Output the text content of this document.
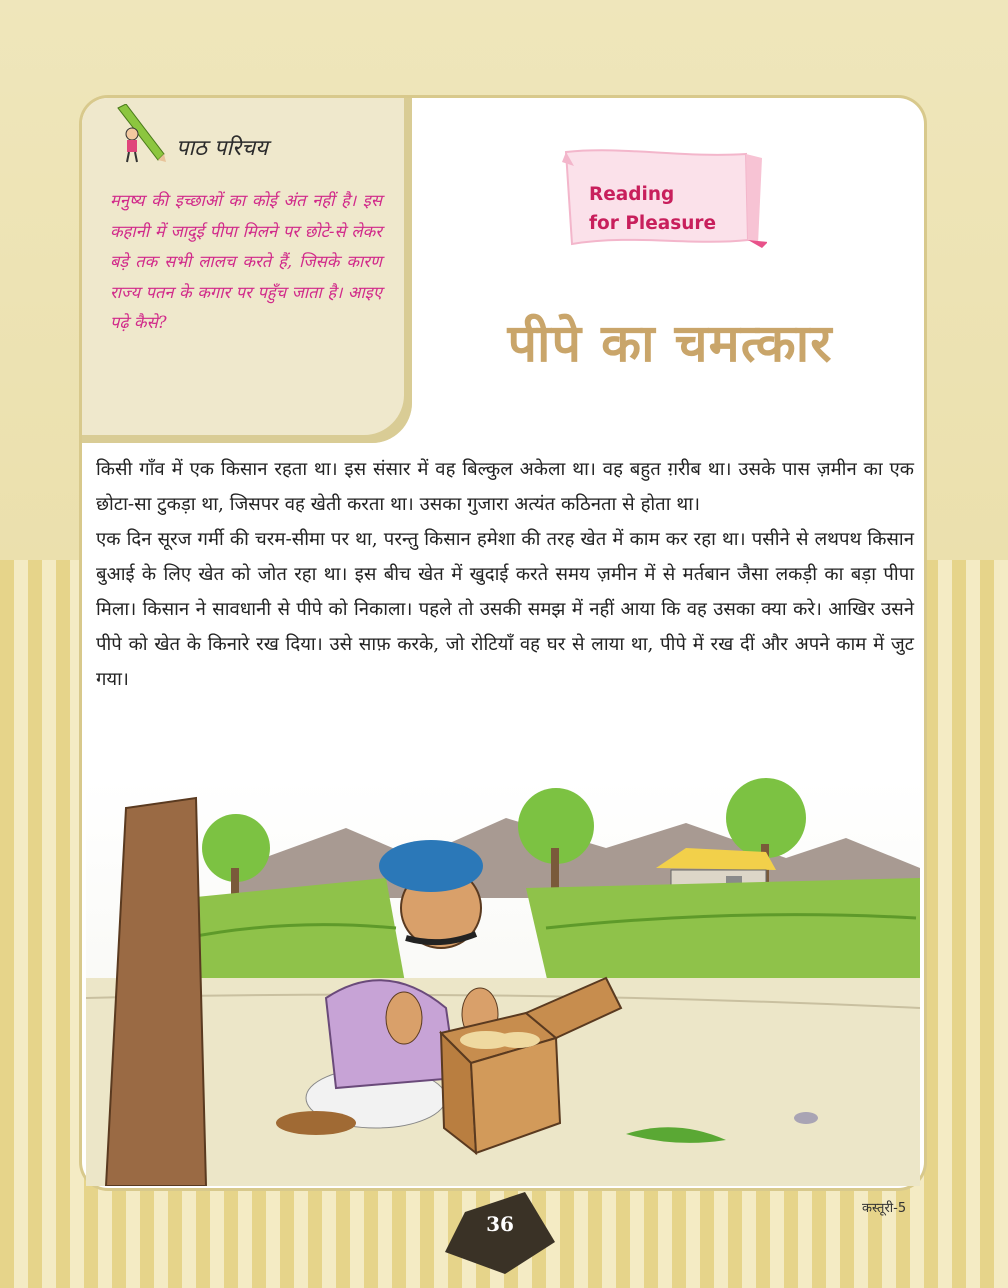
पाठ परिचय
मनुष्य की इच्छाओं का कोई अंत नहीं है। इस कहानी में जादुई पीपा मिलने पर छोटे-से लेकर बड़े तक सभी लालच करते हैं, जिसके कारण राज्य पतन के कगार पर पहुँच जाता है। आइए पढ़े कैसे?
Reading
for Pleasure
पीपे का चमत्कार

किसी गाँव में एक किसान रहता था। इस संसार में वह बिल्कुल अकेला था। वह बहुत ग़रीब था। उसके पास ज़मीन का एक छोटा-सा टुकड़ा था, जिसपर वह खेती करता था। उसका गुजारा अत्यंत कठिनता से होता था।

एक दिन सूरज गर्मी की चरम-सीमा पर था, परन्तु किसान हमेशा की तरह खेत में काम कर रहा था। पसीने से लथपथ किसान बुआई के लिए खेत को जोत रहा था। इस बीच खेत में खुदाई करते समय ज़मीन में से मर्तबान जैसा लकड़ी का बड़ा पीपा मिला। किसान ने सावधानी से पीपे को निकाला। पहले तो उसकी समझ में नहीं आया कि वह उसका क्या करे। आखिर उसने पीपे को खेत के किनारे रख दिया। उसे साफ़ करके, जो रोटियाँ वह घर से लाया था, पीपे में रख दीं और अपने काम में जुट गया।

36
कस्तूरी-5
